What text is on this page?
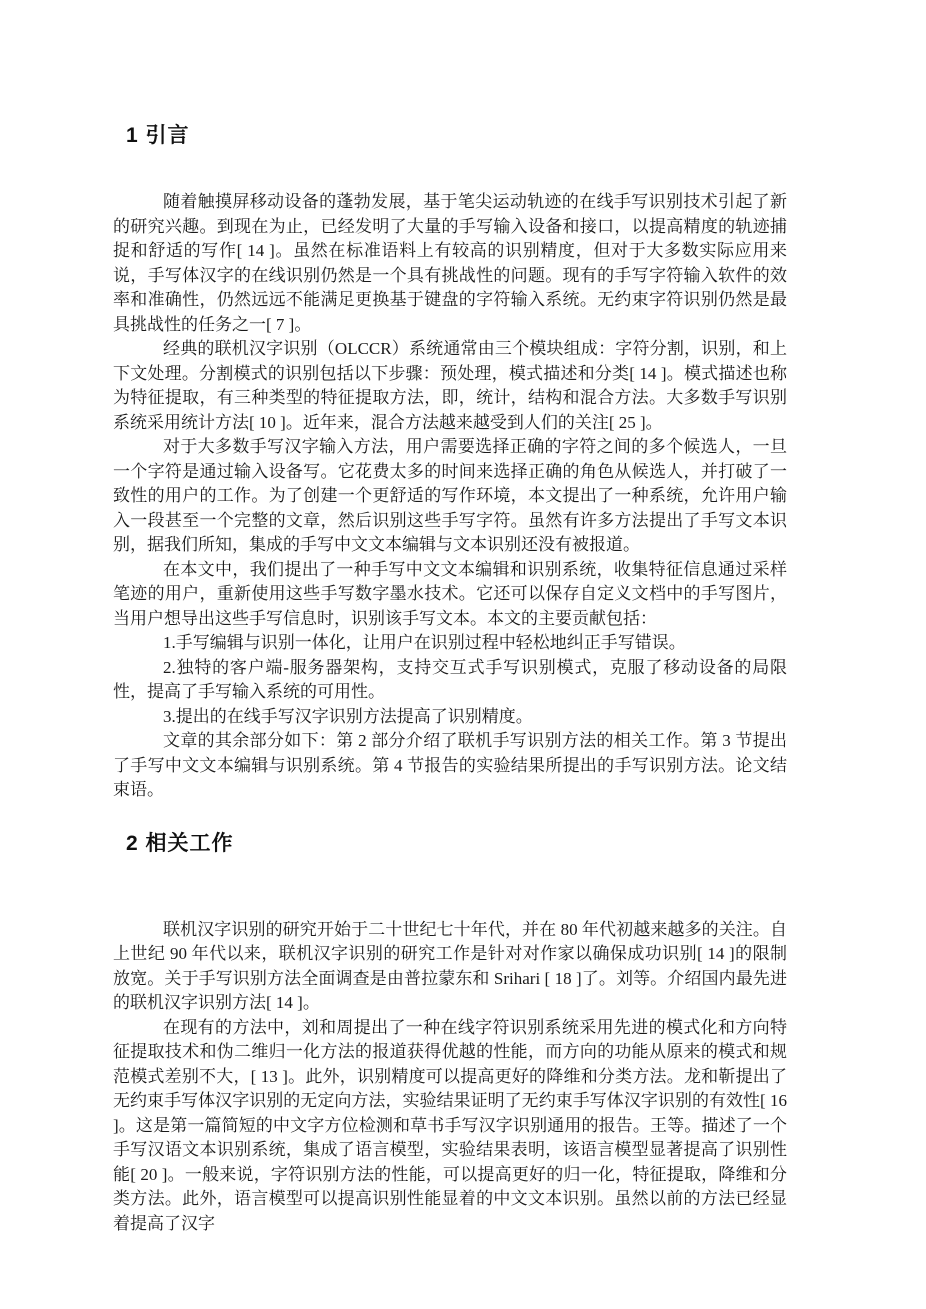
1 引言

随着触摸屏移动设备的蓬勃发展，基于笔尖运动轨迹的在线手写识别技术引起了新的研究兴趣。到现在为止，已经发明了大量的手写输入设备和接口，以提高精度的轨迹捕捉和舒适的写作[ 14 ]。虽然在标准语料上有较高的识别精度，但对于大多数实际应用来说，手写体汉字的在线识别仍然是一个具有挑战性的问题。现有的手写字符输入软件的效率和准确性，仍然远远不能满足更换基于键盘的字符输入系统。无约束字符识别仍然是最具挑战性的任务之一[ 7 ]。

经典的联机汉字识别（OLCCR）系统通常由三个模块组成：字符分割，识别，和上下文处理。分割模式的识别包括以下步骤：预处理，模式描述和分类[ 14 ]。模式描述也称为特征提取，有三种类型的特征提取方法，即，统计，结构和混合方法。大多数手写识别系统采用统计方法[ 10 ]。近年来，混合方法越来越受到人们的关注[ 25 ]。

对于大多数手写汉字输入方法，用户需要选择正确的字符之间的多个候选人，一旦一个字符是通过输入设备写。它花费太多的时间来选择正确的角色从候选人，并打破了一致性的用户的工作。为了创建一个更舒适的写作环境，本文提出了一种系统，允许用户输入一段甚至一个完整的文章，然后识别这些手写字符。虽然有许多方法提出了手写文本识别，据我们所知，集成的手写中文文本编辑与文本识别还没有被报道。

在本文中，我们提出了一种手写中文文本编辑和识别系统，收集特征信息通过采样笔迹的用户，重新使用这些手写数字墨水技术。它还可以保存自定义文档中的手写图片，当用户想导出这些手写信息时，识别该手写文本。本文的主要贡献包括：

1.手写编辑与识别一体化，让用户在识别过程中轻松地纠正手写错误。

2.独特的客户端-服务器架构，支持交互式手写识别模式，克服了移动设备的局限性，提高了手写输入系统的可用性。

3.提出的在线手写汉字识别方法提高了识别精度。

文章的其余部分如下：第 2 部分介绍了联机手写识别方法的相关工作。第 3 节提出了手写中文文本编辑与识别系统。第 4 节报告的实验结果所提出的手写识别方法。论文结束语。

2 相关工作

联机汉字识别的研究开始于二十世纪七十年代，并在 80 年代初越来越多的关注。自上世纪 90 年代以来，联机汉字识别的研究工作是针对对作家以确保成功识别[ 14 ]的限制放宽。关于手写识别方法全面调查是由普拉蒙东和 Srihari [ 18 ]了。刘等。介绍国内最先进的联机汉字识别方法[ 14 ]。

在现有的方法中，刘和周提出了一种在线字符识别系统采用先进的模式化和方向特征提取技术和伪二维归一化方法的报道获得优越的性能，而方向的功能从原来的模式和规范模式差别不大，[ 13 ]。此外，识别精度可以提高更好的降维和分类方法。龙和靳提出了无约束手写体汉字识别的无定向方法，实验结果证明了无约束手写体汉字识别的有效性[ 16 ]。这是第一篇简短的中文字方位检测和草书手写汉字识别通用的报告。王等。描述了一个手写汉语文本识别系统，集成了语言模型，实验结果表明，该语言模型显著提高了识别性能[ 20 ]。一般来说，字符识别方法的性能，可以提高更好的归一化，特征提取，降维和分类方法。此外，语言模型可以提高识别性能显着的中文文本识别。虽然以前的方法已经显着提高了汉字
